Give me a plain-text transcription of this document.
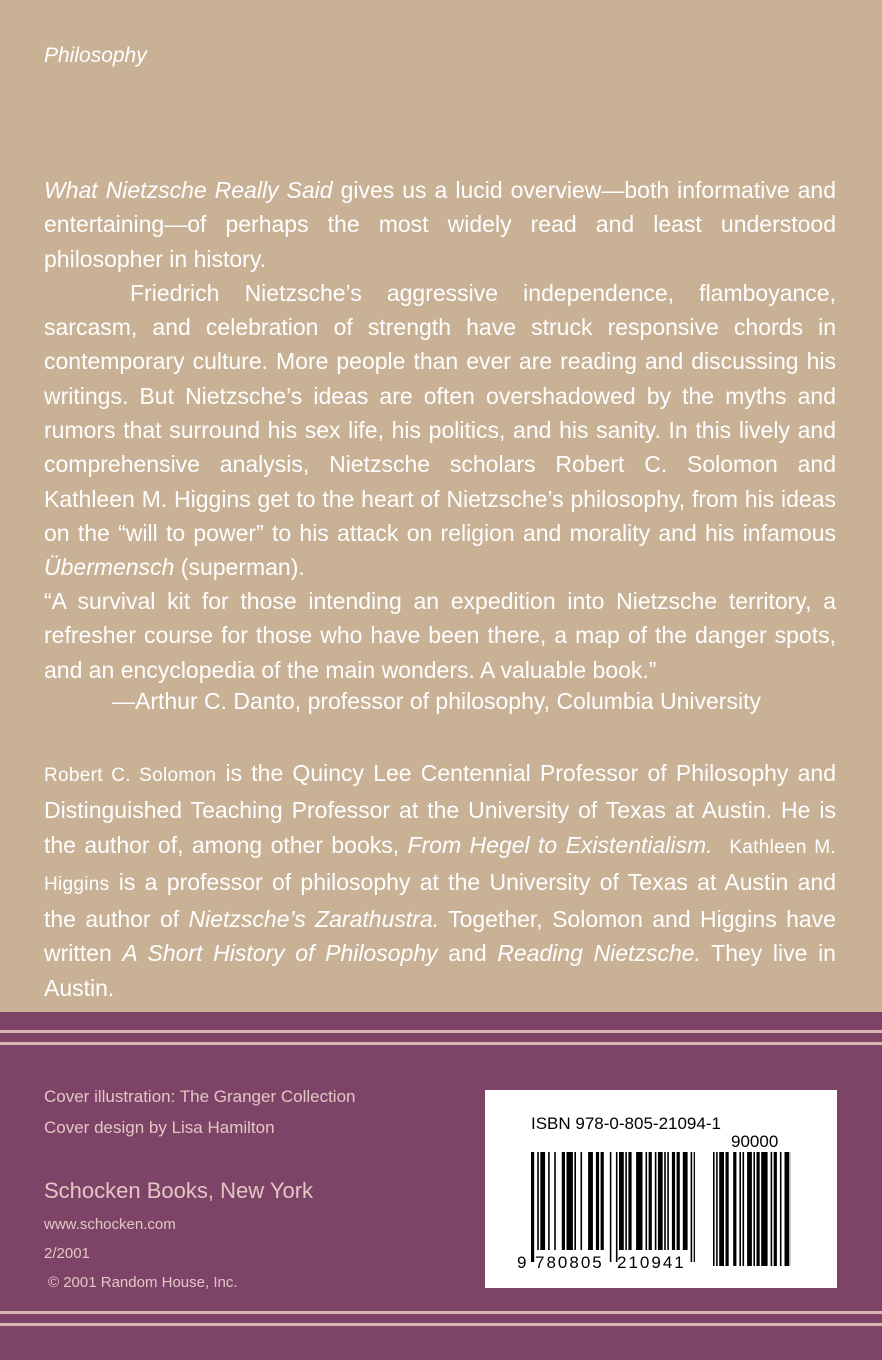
Philosophy

What Nietzsche Really Said gives us a lucid overview—both informative and entertaining—of perhaps the most widely read and least understood philosopher in history.
Friedrich Nietzsche’s aggressive independence, flamboyance, sarcasm, and celebration of strength have struck responsive chords in contemporary culture. More people than ever are reading and discussing his writings. But Nietzsche’s ideas are often overshadowed by the myths and rumors that surround his sex life, his politics, and his sanity. In this lively and comprehensive analysis, Nietzsche scholars Robert C. Solomon and Kathleen M. Higgins get to the heart of Nietzsche’s philosophy, from his ideas on the “will to power” to his attack on religion and morality and his infamous Übermensch (superman).

“A survival kit for those intending an expedition into Nietzsche territory, a refresher course for those who have been there, a map of the danger spots, and an encyclopedia of the main wonders. A valuable book.”

—Arthur C. Danto, professor of philosophy, Columbia University

Robert C. Solomon is the Quincy Lee Centennial Professor of Philosophy and Distinguished Teaching Professor at the University of Texas at Austin. He is the author of, among other books, From Hegel to Existentialism. Kathleen M. Higgins is a professor of philosophy at the University of Texas at Austin and the author of Nietzsche’s Zarathustra. Together, Solomon and Higgins have written A Short History of Philosophy and Reading Nietzsche. They live in Austin.

Cover illustration: The Granger Collection
Cover design by Lisa Hamilton
Schocken Books, New York
www.schocken.com
2/2001
© 2001 Random House, Inc.
ISBN 978-0-805-21094-1
90000
9 780805 210941
